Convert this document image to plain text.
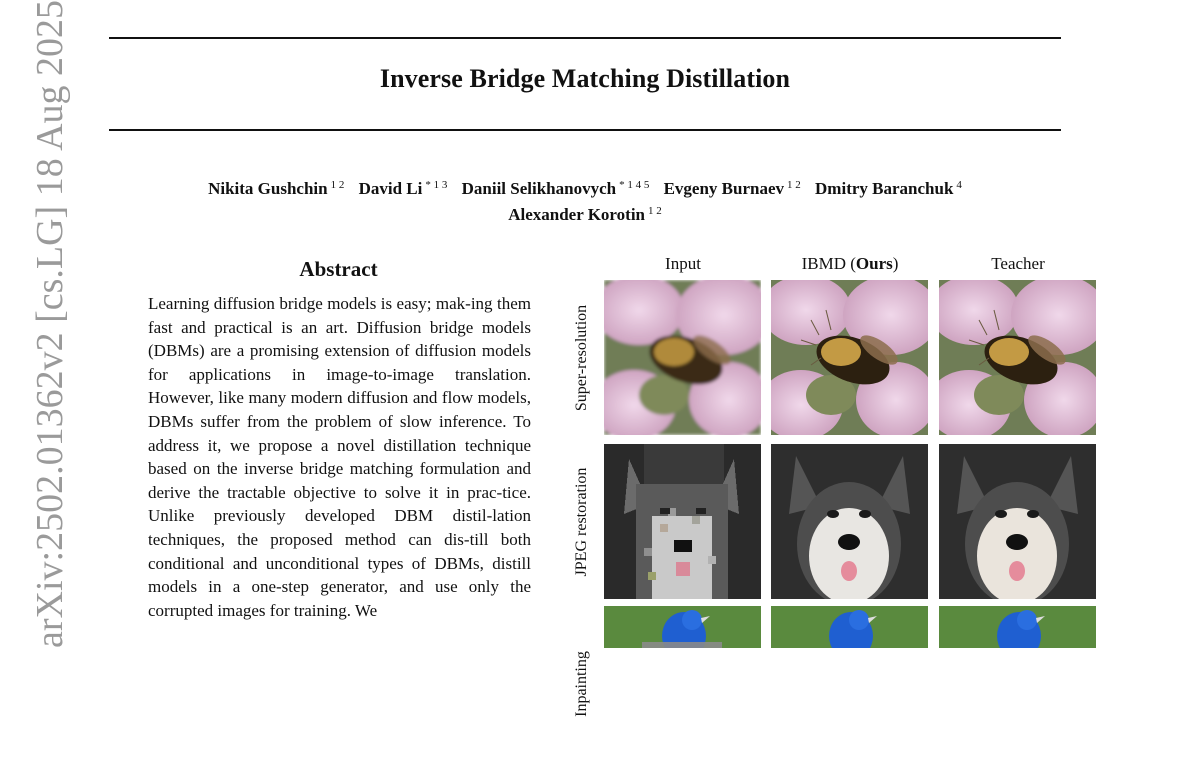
arXiv:2502.01362v2 [cs.LG] 18 Aug 2025	Inverse Bridge Matching Distillation
Nikita Gushchin $^{1 2}$ David Li $^{* 1 3}$ Daniil Selikhanovych $^{* 1 4 5}$ Evgeny Burnaev $^{1 2}$ Dmitry Baranchuk $^4$
Alexander Korotin $^{1 2}$
Abstract
Learning diffusion bridge models is easy; mak-ing them fast and practical is an art. Diffusion bridge models (DBMs) are a promising extension of diffusion models for applications in image-to-image translation. However, like many modern diffusion and flow models, DBMs suffer from the problem of slow inference. To address it, we propose a novel distillation technique based on the inverse bridge matching formulation and derive the tractable objective to solve it in prac-tice. Unlike previously developed DBM distil-lation techniques, the proposed method can dis-till both conditional and unconditional types of DBMs, distill models in a one-step generator, and use only the corrupted images for training. We
Input	IBMD (Ours)	Teacher
Super-resolution
JPEG restoration
Inpainting
